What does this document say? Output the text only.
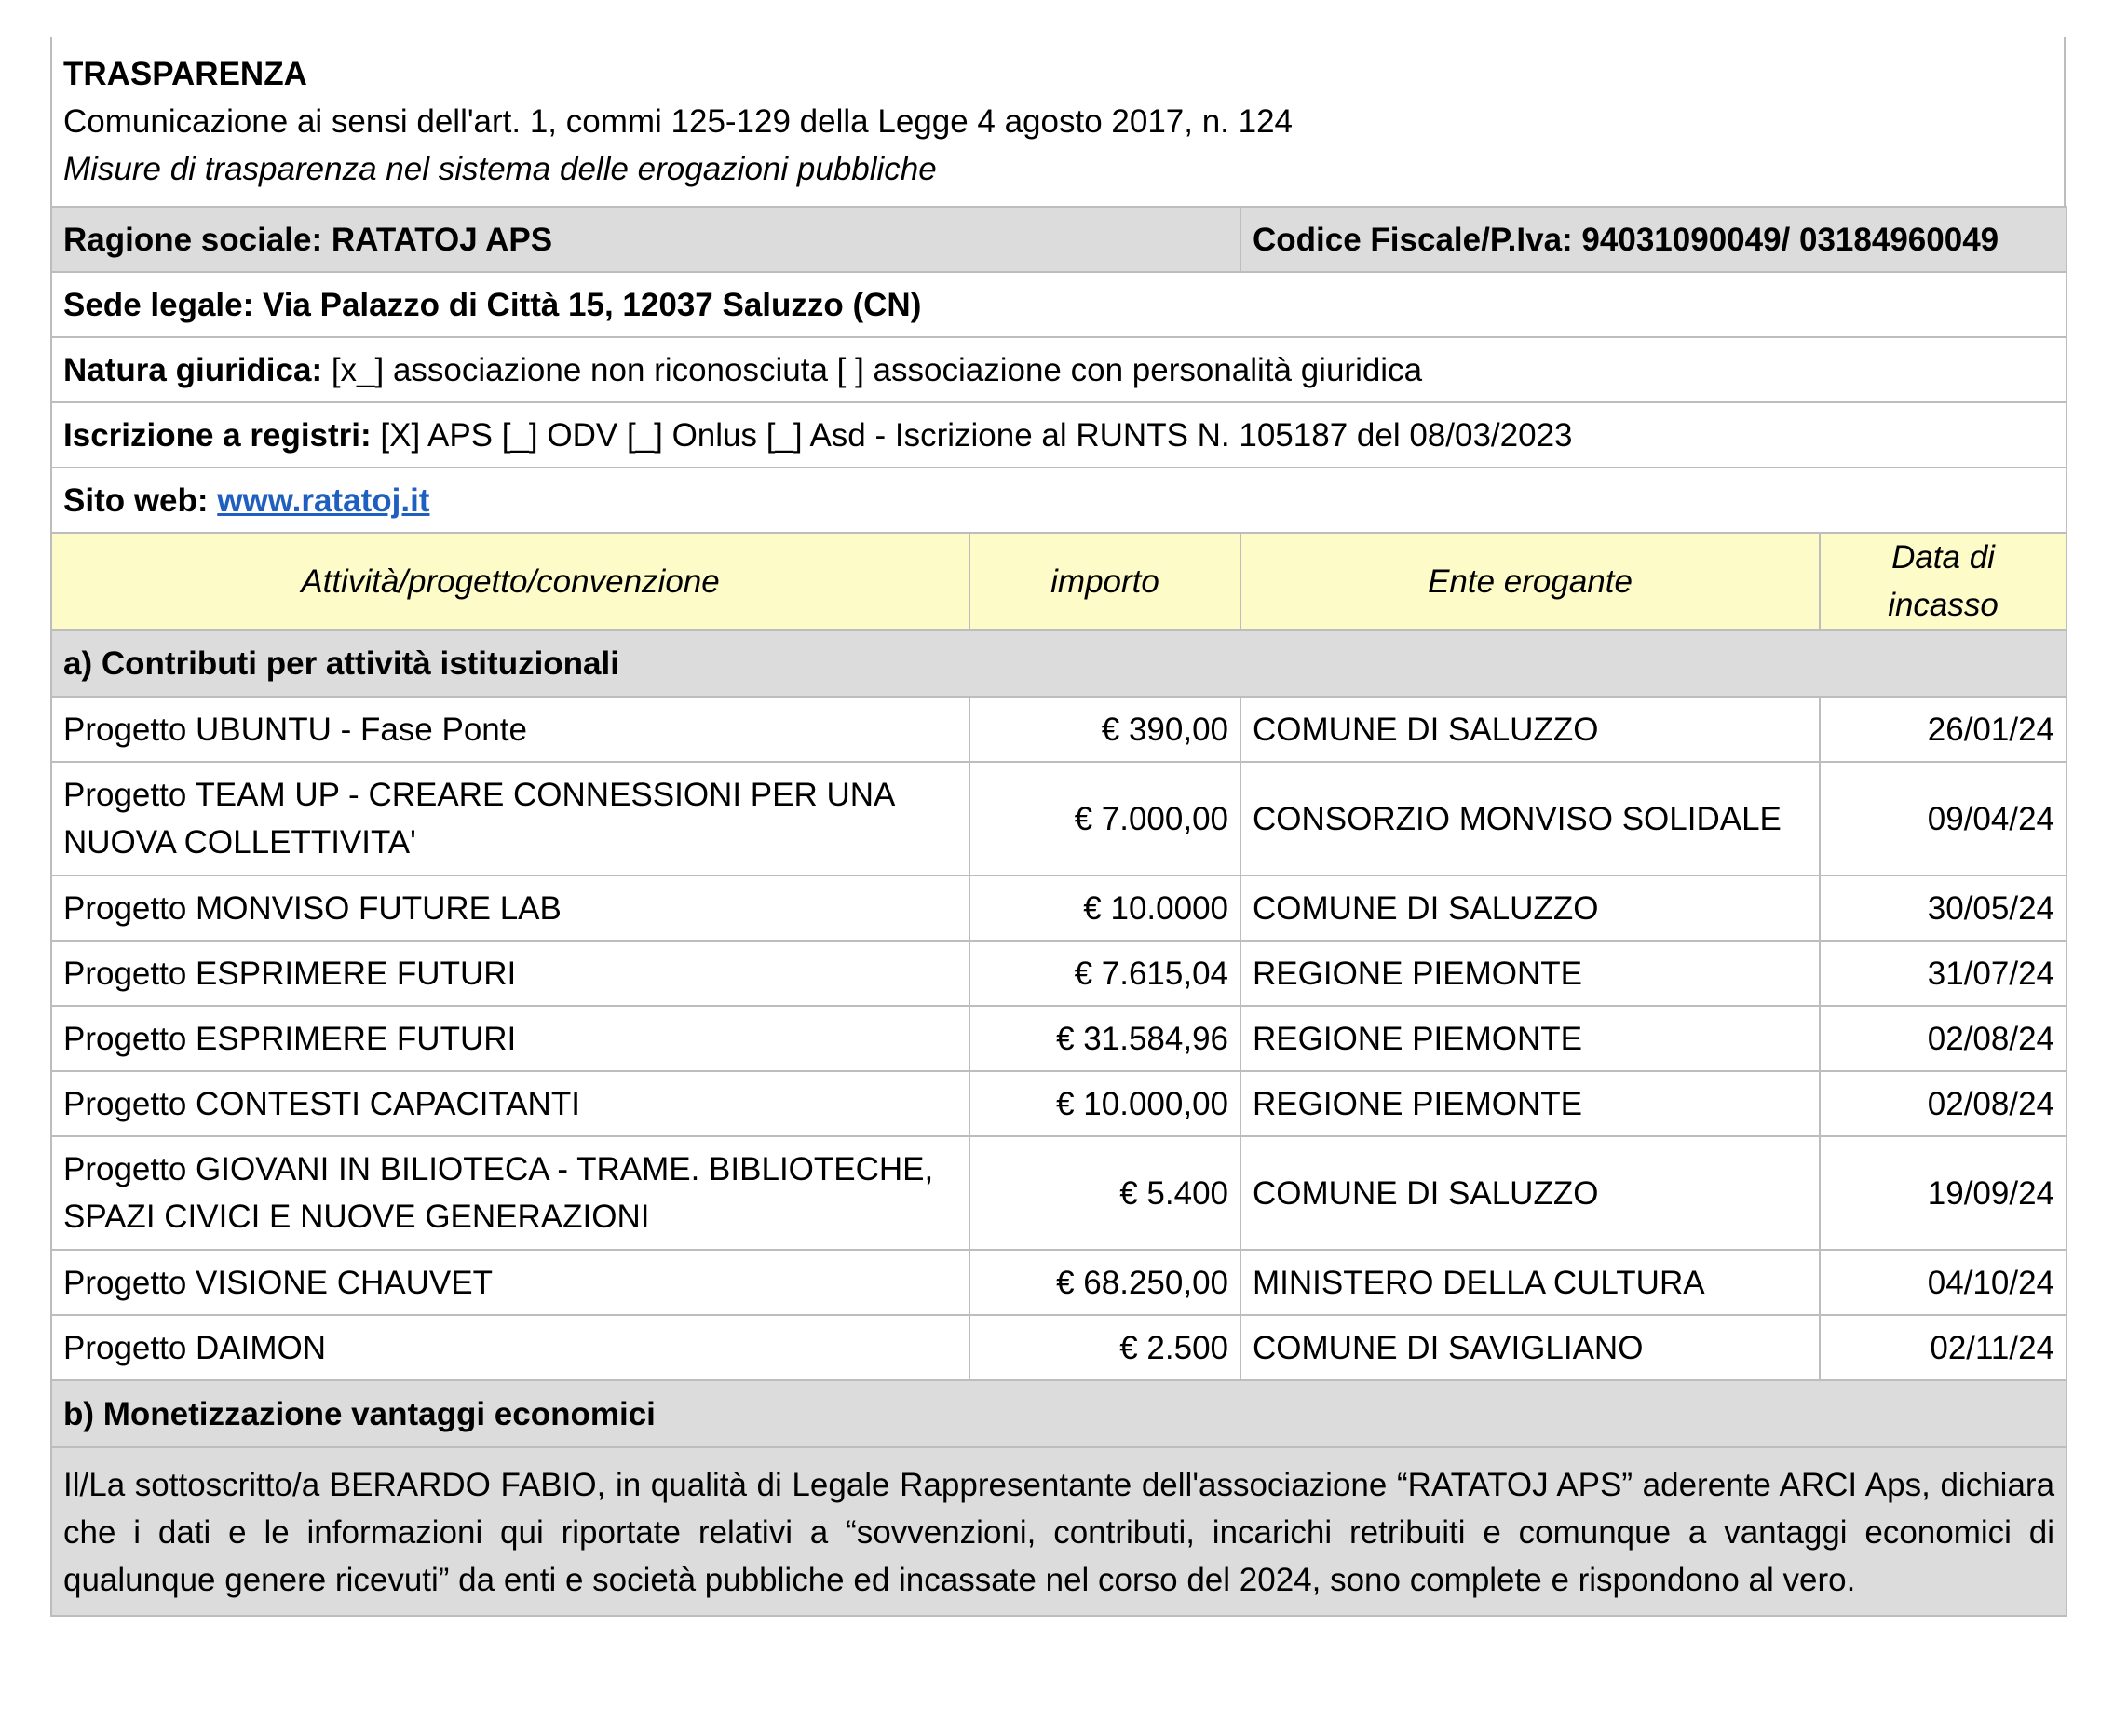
TRASPARENZA
Comunicazione ai sensi dell'art. 1, commi 125-129 della Legge 4 agosto 2017, n. 124
Misure di trasparenza nel sistema delle erogazioni pubbliche
Ragione sociale: RATATOJ APS		Codice Fiscale/P.Iva: 94031090049/ 03184960049	
Sede legale: Via Palazzo di Città 15, 12037 Saluzzo (CN)			
Natura giuridica: [x_] associazione non riconosciuta [ ] associazione con personalità giuridica			
Iscrizione a registri: [X] APS [_] ODV [_] Onlus [_] Asd - Iscrizione al RUNTS N. 105187 del 08/03/2023			
Sito web: www.ratatoj.it			
Attività/progetto/convenzione	importo	Ente erogante	Data di incasso
a) Contributi per attività istituzionali			
Progetto UBUNTU - Fase Ponte	€ 390,00	COMUNE DI SALUZZO	26/01/24
Progetto TEAM UP - CREARE CONNESSIONI PER UNA NUOVA COLLETTIVITA'	€ 7.000,00	CONSORZIO MONVISO SOLIDALE	09/04/24
Progetto MONVISO FUTURE LAB	€ 10.0000	COMUNE DI SALUZZO	30/05/24
Progetto ESPRIMERE FUTURI	€ 7.615,04	REGIONE PIEMONTE	31/07/24
Progetto ESPRIMERE FUTURI	€ 31.584,96	REGIONE PIEMONTE	02/08/24
Progetto CONTESTI CAPACITANTI	€ 10.000,00	REGIONE PIEMONTE	02/08/24
Progetto GIOVANI IN BILIOTECA - TRAME. BIBLIOTECHE, SPAZI CIVICI E NUOVE GENERAZIONI	€ 5.400	COMUNE DI SALUZZO	19/09/24
Progetto VISIONE CHAUVET	€ 68.250,00	MINISTERO DELLA CULTURA	04/10/24
Progetto DAIMON	€ 2.500	COMUNE DI SAVIGLIANO	02/11/24
b) Monetizzazione vantaggi economici			
Il/La sottoscritto/a BERARDO FABIO, in qualità di Legale Rappresentante dell'associazione “RATATOJ APS” aderente ARCI Aps, dichiara che i dati e le informazioni qui riportate relativi a “sovvenzioni, contributi, incarichi retribuiti e comunque a vantaggi economici di qualunque genere ricevuti” da enti e società pubbliche ed incassate nel corso del 2024, sono complete e rispondono al vero.			
